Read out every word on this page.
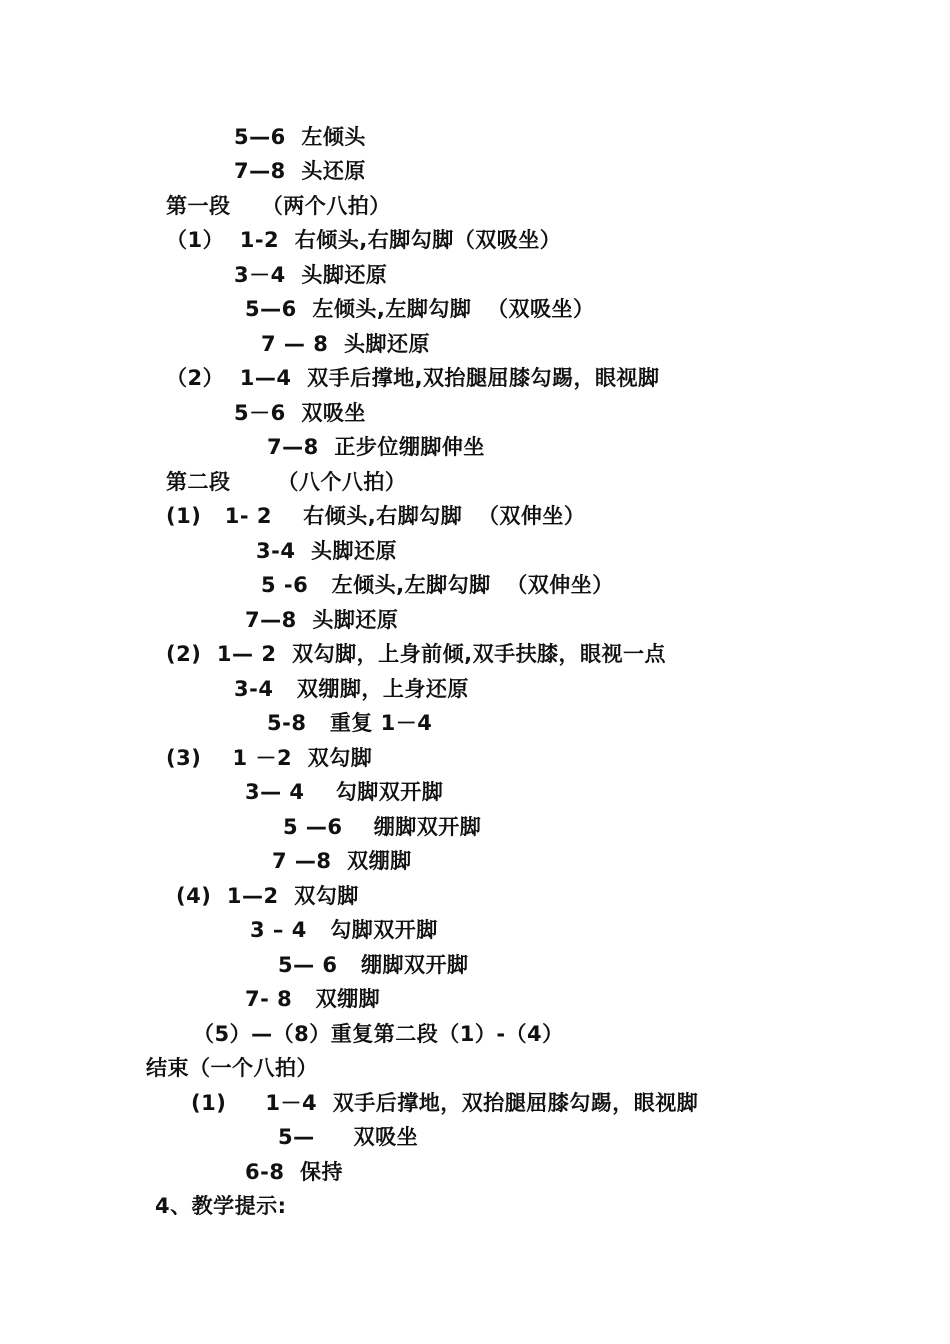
5—6  左倾头
7—8  头还原
第一段    （两个八拍）
（1）  1-2  右倾头,右脚勾脚（双吸坐）
3－4  头脚还原
5—6  左倾头,左脚勾脚  （双吸坐）
7 — 8  头脚还原
（2）  1—4  双手后撑地,双抬腿屈膝勾踢，眼视脚
5－6  双吸坐
7—8  正步位绷脚伸坐
第二段      （八个八拍）
(1)   1- 2    右倾头,右脚勾脚  （双伸坐）
3-4  头脚还原
5 -6   左倾头,左脚勾脚  （双伸坐）
7—8  头脚还原
(2)  1— 2  双勾脚，上身前倾,双手扶膝，眼视一点
3-4   双绷脚，上身还原
5-8   重复 1－4
(3)    1 －2  双勾脚
3— 4    勾脚双开脚
5 —6    绷脚双开脚
7 —8  双绷脚
(4)  1—2  双勾脚
3 – 4   勾脚双开脚
5— 6   绷脚双开脚
7- 8   双绷脚
（5）—（8）重复第二段（1）-（4）
结束（一个八拍）
(1)     1－4  双手后撑地，双抬腿屈膝勾踢，眼视脚
5—     双吸坐
6-8  保持
4、教学提示:
